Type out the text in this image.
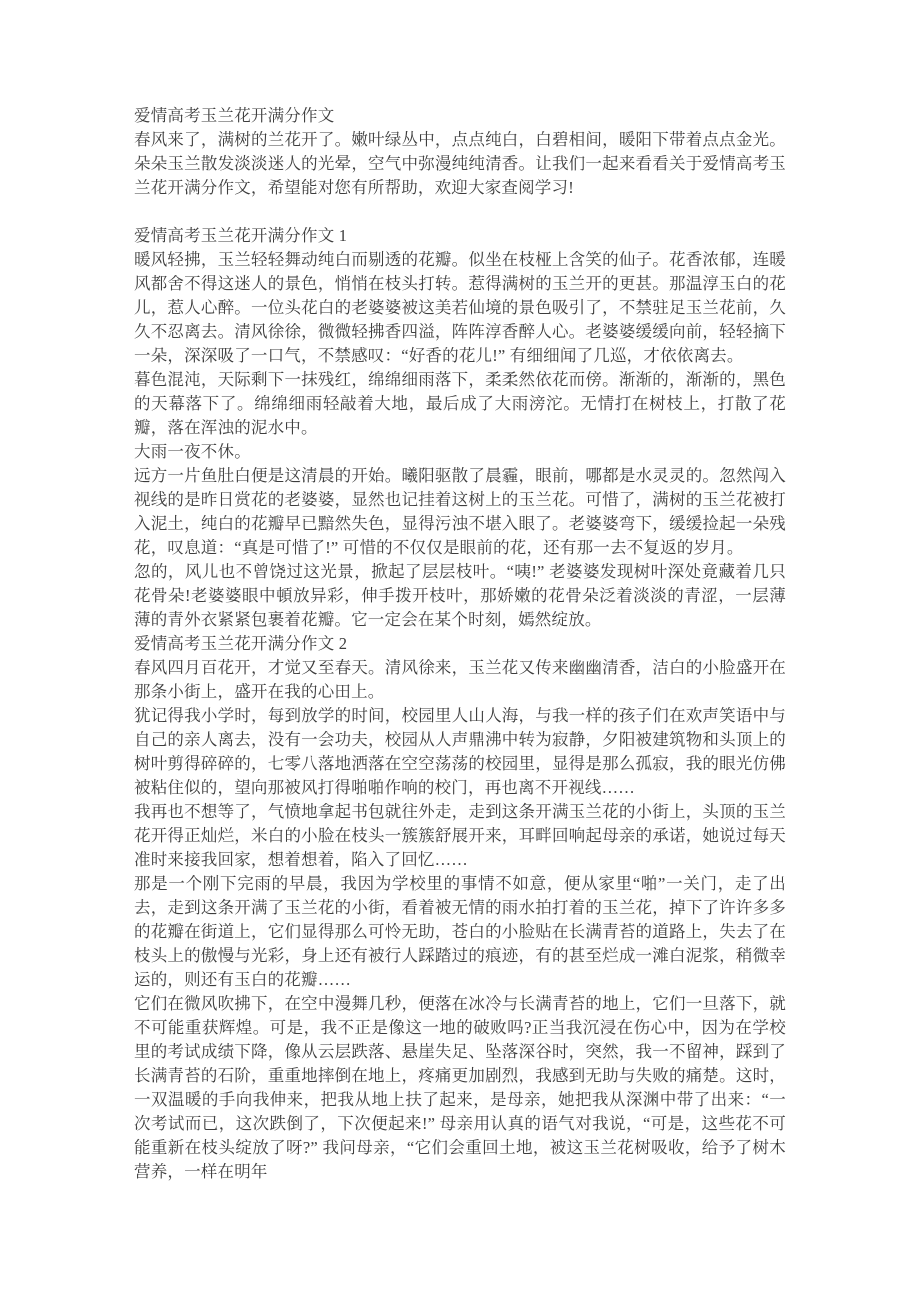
爱情高考玉兰花开满分作文

春风来了，满树的兰花开了。嫩叶绿丛中，点点纯白，白碧相间，暖阳下带着点点金光。朵朵玉兰散发淡淡迷人的光晕，空气中弥漫纯纯清香。让我们一起来看看关于爱情高考玉兰花开满分作文，希望能对您有所帮助，欢迎大家查阅学习!

爱情高考玉兰花开满分作文 1

暖风轻拂，玉兰轻轻舞动纯白而剔透的花瓣。似坐在枝桠上含笑的仙子。花香浓郁，连暖风都舍不得这迷人的景色，悄悄在枝头打转。惹得满树的玉兰开的更甚。那温淳玉白的花儿，惹人心醉。一位头花白的老婆婆被这美若仙境的景色吸引了，不禁驻足玉兰花前，久久不忍离去。清风徐徐，微微轻拂香四溢，阵阵淳香醉人心。老婆婆缓缓向前，轻轻摘下一朵，深深吸了一口气，不禁感叹：“好香的花儿!” 有细细闻了几巡，才依依离去。

暮色混沌，天际剩下一抹残红，绵绵细雨落下，柔柔然依花而傍。渐渐的，渐渐的，黑色的天幕落下了。绵绵细雨轻敲着大地，最后成了大雨滂沱。无情打在树枝上，打散了花瓣，落在浑浊的泥水中。

大雨一夜不休。

远方一片鱼肚白便是这清晨的开始。曦阳驱散了晨霾，眼前，哪都是水灵灵的。忽然闯入视线的是昨日赏花的老婆婆，显然也记挂着这树上的玉兰花。可惜了，满树的玉兰花被打入泥土，纯白的花瓣早已黯然失色，显得污浊不堪入眼了。老婆婆弯下，缓缓捡起一朵残花，叹息道：“真是可惜了!” 可惜的不仅仅是眼前的花，还有那一去不复返的岁月。

忽的，风儿也不曾饶过这光景，掀起了层层枝叶。“咦!” 老婆婆发现树叶深处竟藏着几只花骨朵!老婆婆眼中頓放异彩，伸手拨开枝叶，那娇嫩的花骨朵泛着淡淡的青涩，一层薄薄的青外衣紧紧包裹着花瓣。它一定会在某个时刻，嫣然绽放。

爱情高考玉兰花开满分作文 2

春风四月百花开，才觉又至春天。清风徐来，玉兰花又传来幽幽清香，洁白的小脸盛开在那条小街上，盛开在我的心田上。

犹记得我小学时，每到放学的时间，校园里人山人海，与我一样的孩子们在欢声笑语中与自己的亲人离去，没有一会功夫，校园从人声鼎沸中转为寂静，夕阳被建筑物和头顶上的树叶剪得碎碎的，七零八落地洒落在空空荡荡的校园里，显得是那么孤寂，我的眼光仿佛被粘住似的，望向那被风打得啪啪作响的校门，再也离不开视线……

我再也不想等了，气愤地拿起书包就往外走，走到这条开满玉兰花的小街上，头顶的玉兰花开得正灿烂，米白的小脸在枝头一簇簇舒展开来，耳畔回响起母亲的承诺，她说过每天准时来接我回家，想着想着，陷入了回忆……

那是一个刚下完雨的早晨，我因为学校里的事情不如意，便从家里“啪”一关门，走了出去，走到这条开满了玉兰花的小街，看着被无情的雨水拍打着的玉兰花，掉下了许许多多的花瓣在街道上，它们显得那么可怜无助，苍白的小脸贴在长满青苔的道路上，失去了在枝头上的傲慢与光彩，身上还有被行人踩踏过的痕迹，有的甚至烂成一滩白泥浆，稍微幸运的，则还有玉白的花瓣……

它们在微风吹拂下，在空中漫舞几秒，便落在冰冷与长满青苔的地上，它们一旦落下，就不可能重获辉煌。可是，我不正是像这一地的破败吗?正当我沉浸在伤心中，因为在学校里的考试成绩下降，像从云层跌落、悬崖失足、坠落深谷时，突然，我一不留神，踩到了长满青苔的石阶，重重地摔倒在地上，疼痛更加剧烈，我感到无助与失败的痛楚。这时，一双温暖的手向我伸来，把我从地上扶了起来，是母亲，她把我从深渊中带了出来：“一次考试而已，这次跌倒了，下次便起来!” 母亲用认真的语气对我说，“可是，这些花不可能重新在枝头绽放了呀?” 我问母亲，“它们会重回土地，被这玉兰花树吸收，给予了树木营养，一样在明年
